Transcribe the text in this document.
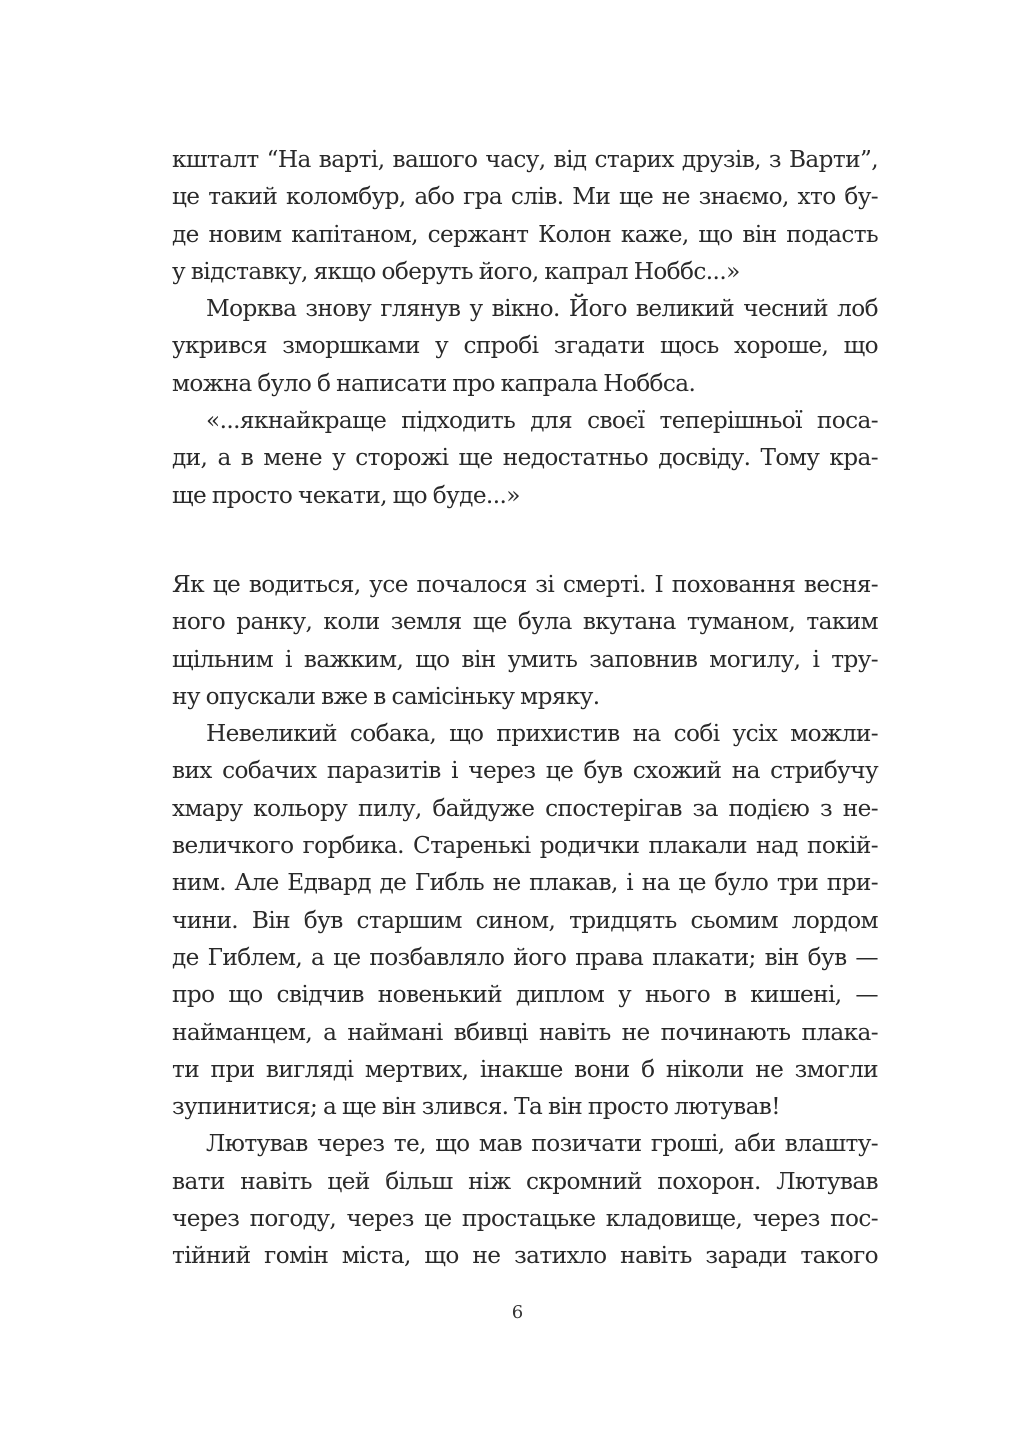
кшталт “На варті, вашого часу, від старих друзів, з Варти”,
це такий коломбур, або гра слів. Ми ще не знаємо, хто бу-
де новим капітаном, сержант Колон каже, що він подасть
у відставку, якщо оберуть його, капрал Ноббс...»
Морква знову глянув у вікно. Його великий чесний лоб
укрився зморшками у спробі згадати щось хороше, що
можна було б написати про капрала Ноббса.
«...якнайкраще підходить для своєї теперішньої поса-
ди, а в мене у сторожі ще недостатньо досвіду. Тому кра-
ще просто чекати, що буде...»
Як це водиться, усе почалося зі смерті. І поховання весня-
ного ранку, коли земля ще була вкутана туманом, таким
щільним і важким, що він умить заповнив могилу, і тру-
ну опускали вже в самісіньку мряку.
Невеликий собака, що прихистив на собі усіх можли-
вих собачих паразитів і через це був схожий на стрибучу
хмару кольору пилу, байдуже спостерігав за подією з не-
величкого горбика. Старенькі родички плакали над покій-
ним. Але Едвард де Гибль не плакав, і на це було три при-
чини. Він був старшим сином, тридцять сьомим лордом
де Гиблем, а це позбавляло його права плакати; він був —
про що свідчив новенький диплом у нього в кишені, —
найманцем, а наймані вбивці навіть не починають плака-
ти при вигляді мертвих, інакше вони б ніколи не змогли
зупинитися; а ще він злився. Та він просто лютував!
Лютував через те, що мав позичати гроші, аби влашту-
вати навіть цей більш ніж скромний похорон. Лютував
через погоду, через це простацьке кладовище, через пос-
тійний гомін міста, що не затихло навіть заради такого
6
